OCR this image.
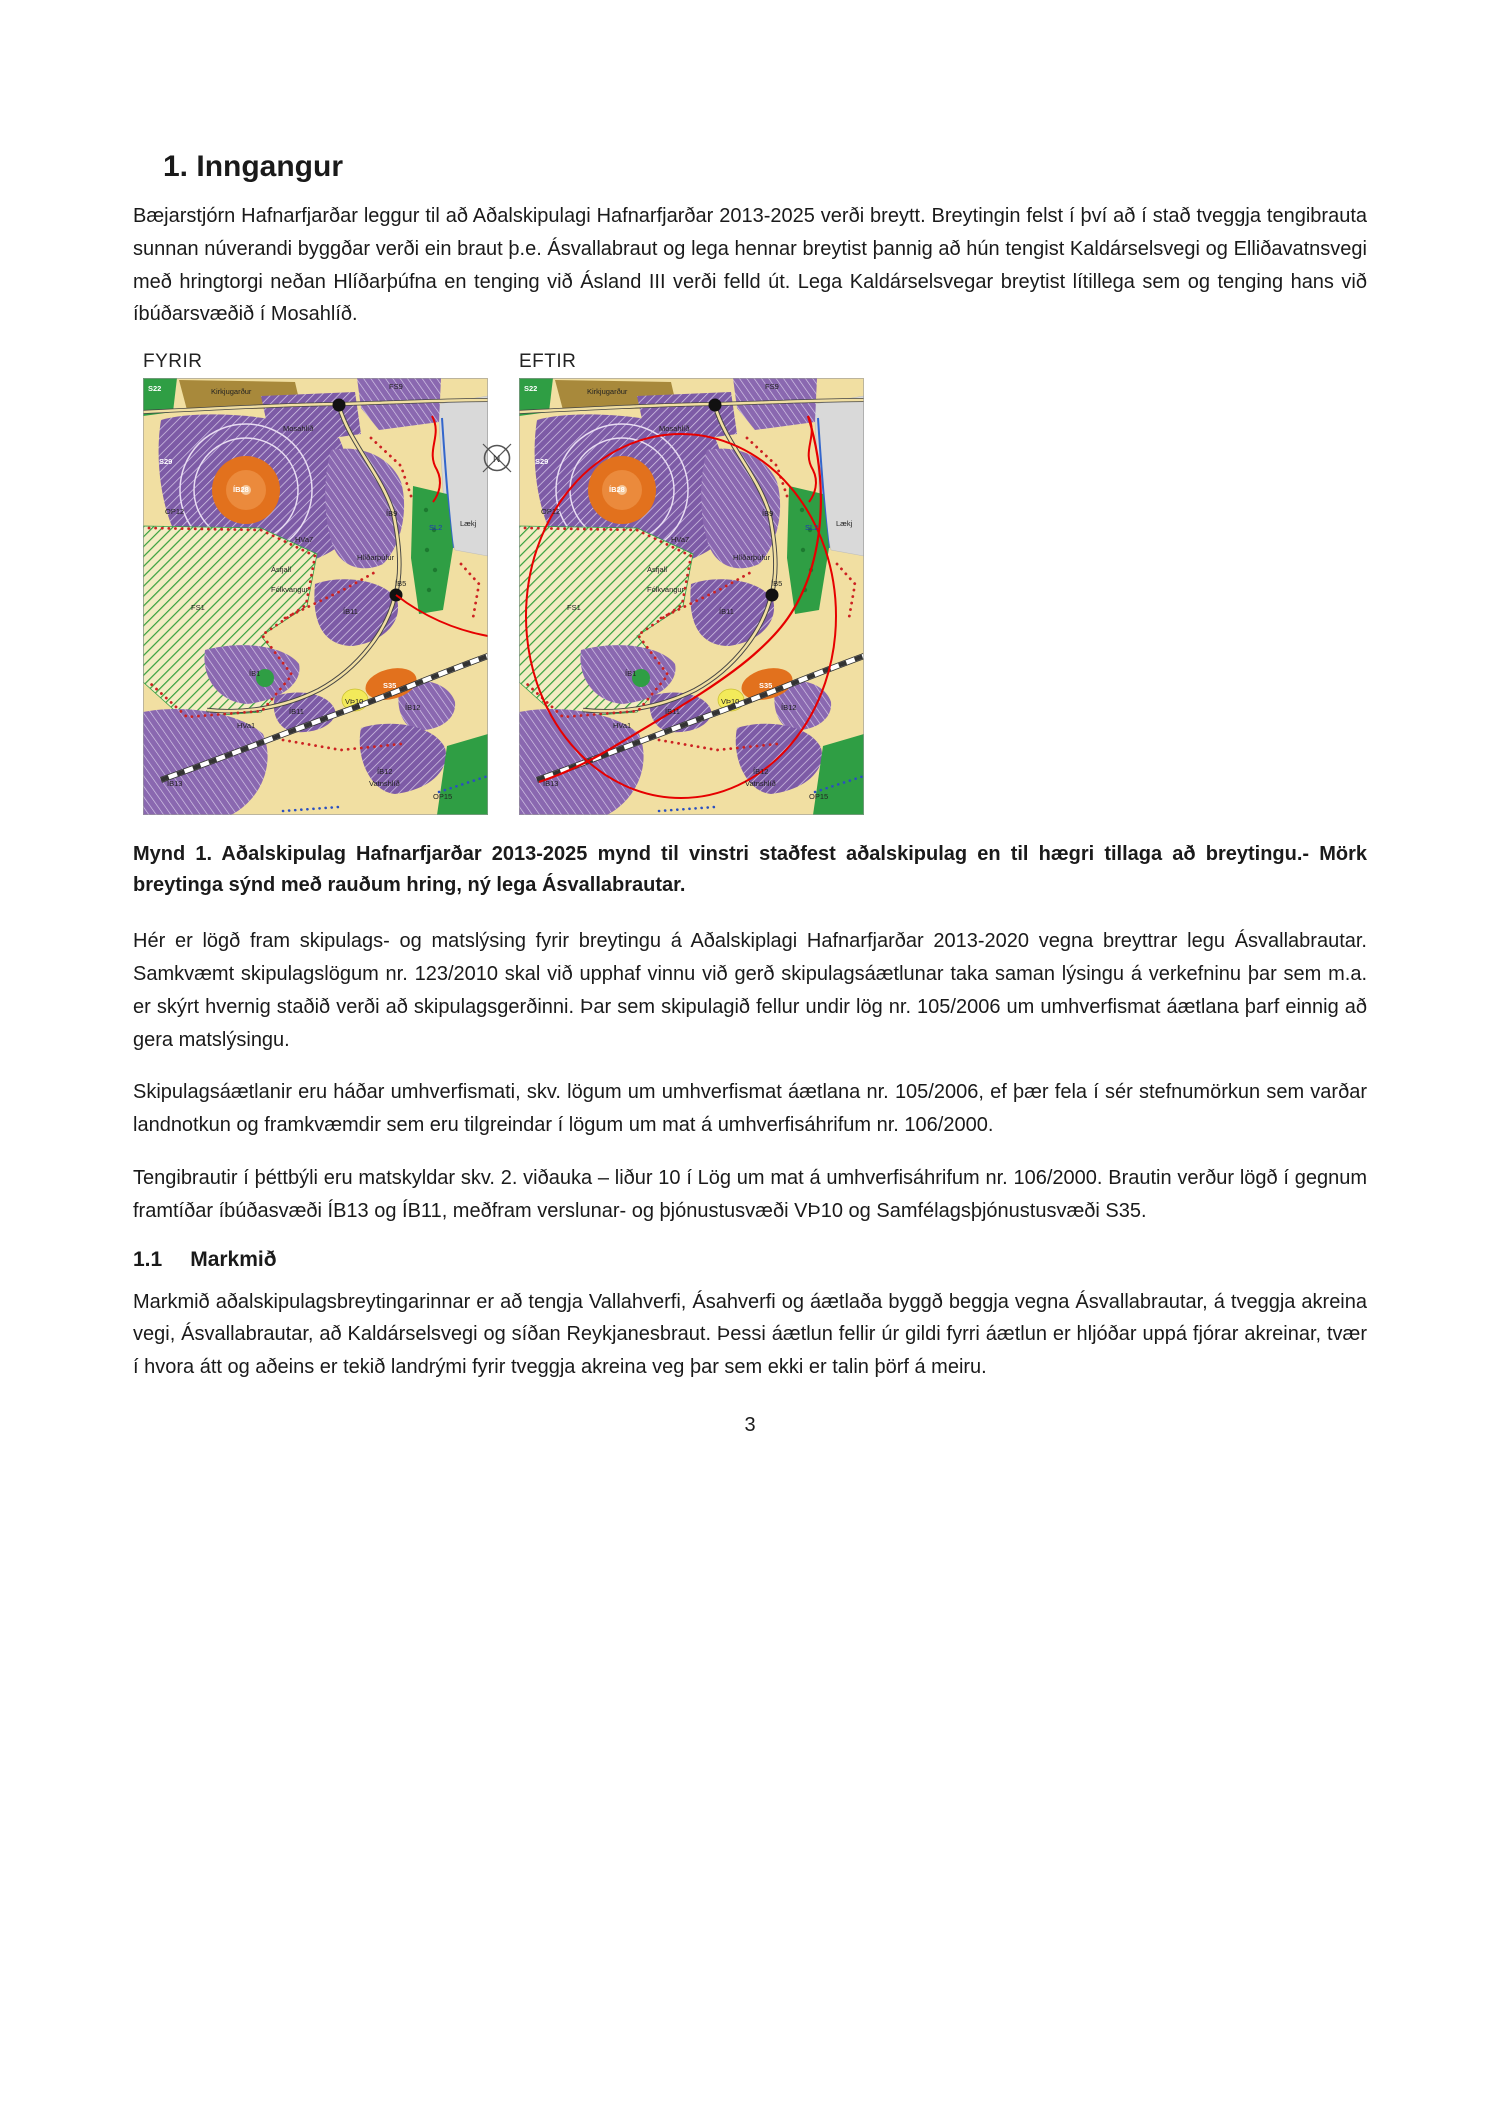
1. Inngangur

Bæjarstjórn Hafnarfjarðar leggur til að Aðalskipulagi Hafnarfjarðar 2013-2025 verði breytt. Breytingin felst í því að í stað tveggja tengibrauta sunnan núverandi byggðar verði ein braut þ.e. Ásvallabraut og lega hennar breytist þannig að hún tengist Kaldárselsvegi og Elliðavatnsvegi með hringtorgi neðan Hlíðarþúfna en tenging við Ásland III verði felld út. Lega Kaldárselsvegar breytist lítillega sem og tenging hans við íbúðarsvæðið í Mosahlíð.

FYRIR
S22	Kirkjugarður
FS9
Mosahlíð
S29
ÍB28
ÍB9
OP12
HVa7
SL2 Lækj
Hlíðarþúfur
Ásfjall
Fólkvangur
ÍB5
FS1	ÍB11
ÍB1
S35
VÞ10
ÍB11	ÍB12
HVa1
ÍB13
ÍB12
Vatnshlíð
OP15
EFTIR
S22	Kirkjugarður
FS9
Mosahlíð
S29
ÍB28
ÍB9
OP12
HVa7
SL2 Lækj
Hlíðarþúfur
Ásfjall
Fólkvangur
ÍB5
FS1	ÍB11
ÍB1
S35
VÞ10
ÍB11	ÍB12
HVa1
ÍB13
ÍB12
Vatnshlíð
OP15
N

Mynd 1. Aðalskipulag Hafnarfjarðar 2013-2025 mynd til vinstri staðfest aðalskipulag en til hægri tillaga að breytingu.- Mörk breytinga sýnd með rauðum hring, ný lega Ásvallabrautar.

Hér er lögð fram skipulags- og matslýsing fyrir breytingu á Aðalskiplagi Hafnarfjarðar 2013-2020 vegna breyttrar legu Ásvallabrautar. Samkvæmt skipulagslögum nr. 123/2010 skal við upphaf vinnu við gerð skipulagsáætlunar taka saman lýsingu á verkefninu þar sem m.a. er skýrt hvernig staðið verði að skipulagsgerðinni. Þar sem skipulagið fellur undir lög nr. 105/2006 um umhverfismat áætlana þarf einnig að gera matslýsingu.

Skipulagsáætlanir eru háðar umhverfismati, skv. lögum um umhverfismat áætlana nr. 105/2006, ef þær fela í sér stefnumörkun sem varðar landnotkun og framkvæmdir sem eru tilgreindar í lögum um mat á umhverfisáhrifum nr. 106/2000.

Tengibrautir í þéttbýli eru matskyldar skv. 2. viðauka – liður 10 í Lög um mat á umhverfisáhrifum nr. 106/2000. Brautin verður lögð í gegnum framtíðar íbúðasvæði ÍB13 og ÍB11, meðfram verslunar- og þjónustusvæði VÞ10 og Samfélagsþjónustusvæði S35.

1.1 Markmið

Markmið aðalskipulagsbreytingarinnar er að tengja Vallahverfi, Ásahverfi og áætlaða byggð beggja vegna Ásvallabrautar, á tveggja akreina vegi, Ásvallabrautar, að Kaldárselsvegi og síðan Reykjanesbraut. Þessi áætlun fellir úr gildi fyrri áætlun er hljóðar uppá fjórar akreinar, tvær í hvora átt og aðeins er tekið landrými fyrir tveggja akreina veg þar sem ekki er talin þörf á meiru.

3
